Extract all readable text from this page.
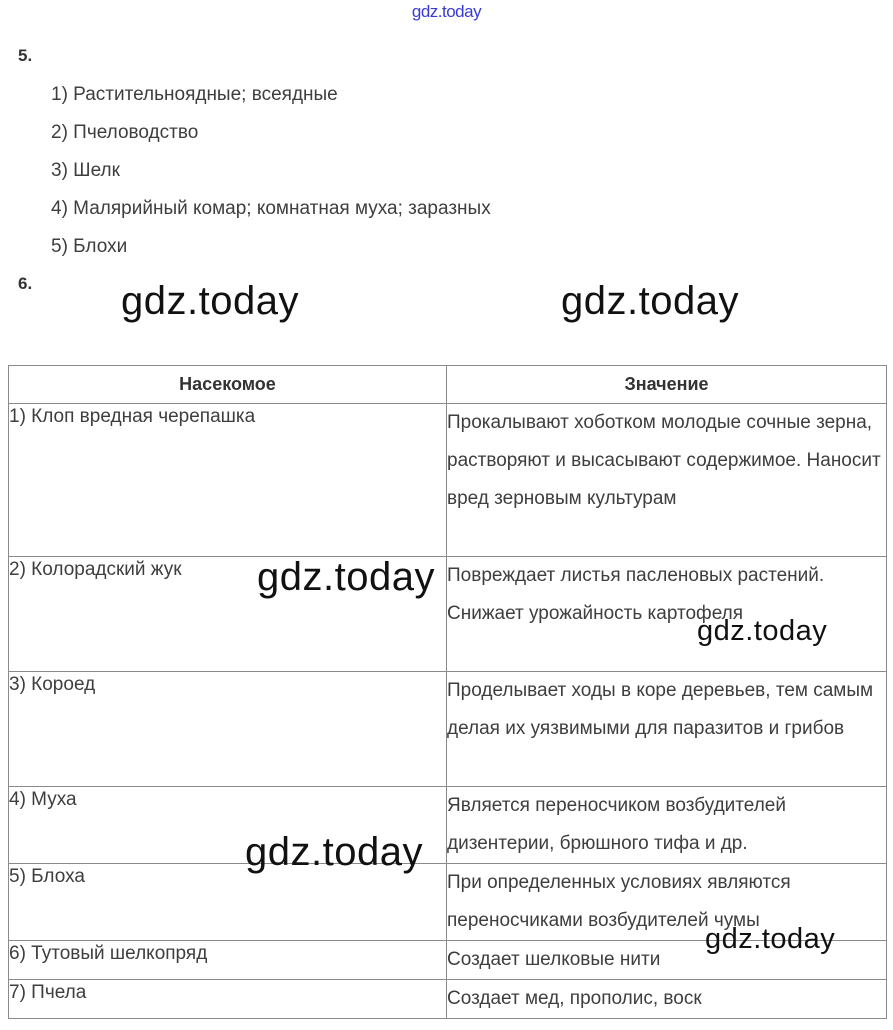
gdz.today
5.
1) Растительноядные; всеядные
2) Пчеловодство
3) Шелк
4) Малярийный комар; комнатная муха; заразных
5) Блохи
6.
Насекомое	Значение
1) Клоп вредная черепашка	Прокалывают хоботком молодые сочные зерна, растворяют и высасывают содержимое. Наносит вред зерновым культурам
2) Колорадский жук	Повреждает листья пасленовых растений. Снижает урожайность картофеля
3) Короед	Проделывает ходы в коре деревьев, тем самым делая их уязвимыми для паразитов и грибов
4) Муха	Является переносчиком возбудителей дизентерии, брюшного тифа и др.
5) Блоха	При определенных условиях являются переносчиками возбудителей чумы
6) Тутовый шелкопряд	Создает шелковые нити
7) Пчела	Создает мед, прополис, воск
gdz.today	gdz.today
gdz.today
gdz.today
gdz.today
gdz.today
